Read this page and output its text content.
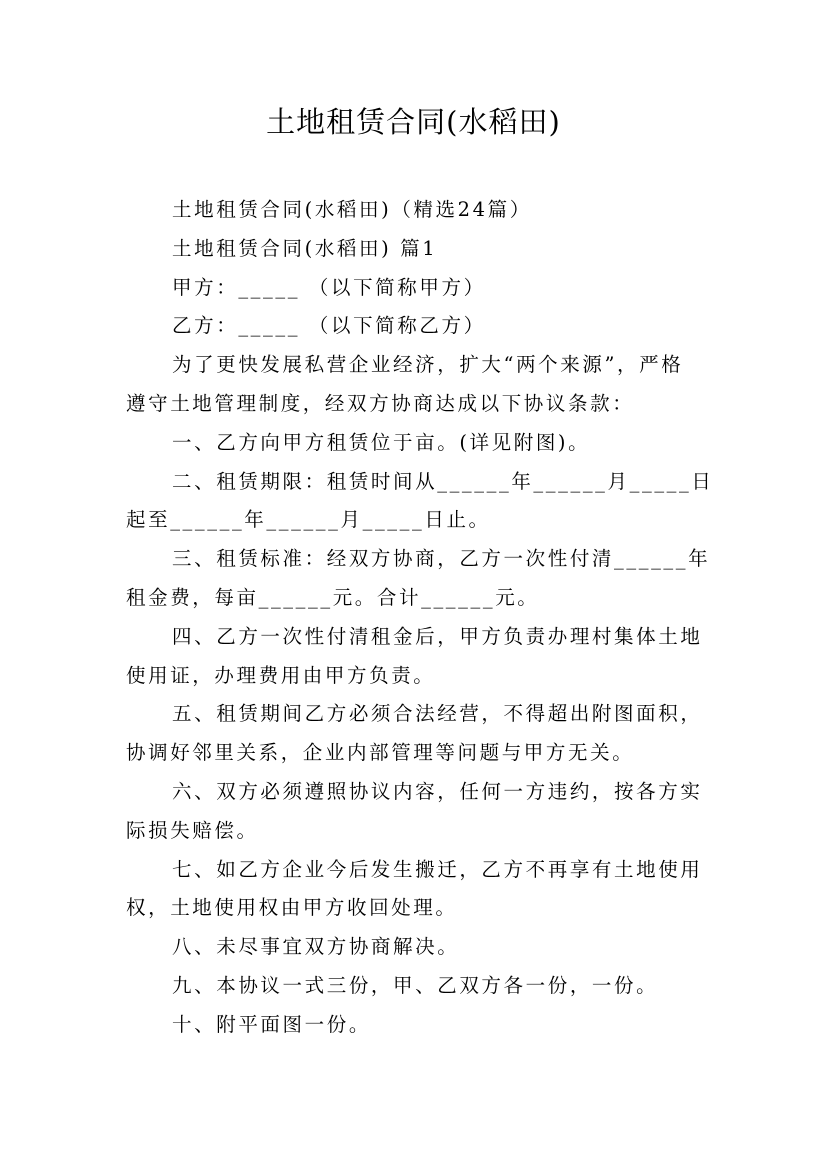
土地租赁合同(水稻田)

土地租赁合同(水稻田)（精选24篇）

土地租赁合同(水稻田) 篇1

甲方：_____ （以下简称甲方）

乙方：_____ （以下简称乙方）

为了更快发展私营企业经济，扩大“两个来源”，严格
遵守土地管理制度，经双方协商达成以下协议条款：

一、乙方向甲方租赁位于亩。(详见附图)。

二、租赁期限：租赁时间从______年______月_____日
起至______年______月_____日止。

三、租赁标准：经双方协商，乙方一次性付清______年
租金费，每亩______元。合计______元。

四、乙方一次性付清租金后，甲方负责办理村集体土地
使用证，办理费用由甲方负责。

五、租赁期间乙方必须合法经营，不得超出附图面积，
协调好邻里关系，企业内部管理等问题与甲方无关。

六、双方必须遵照协议内容，任何一方违约，按各方实
际损失赔偿。

七、如乙方企业今后发生搬迁，乙方不再享有土地使用
权，土地使用权由甲方收回处理。

八、未尽事宜双方协商解决。

九、本协议一式三份，甲、乙双方各一份，一份。

十、附平面图一份。
